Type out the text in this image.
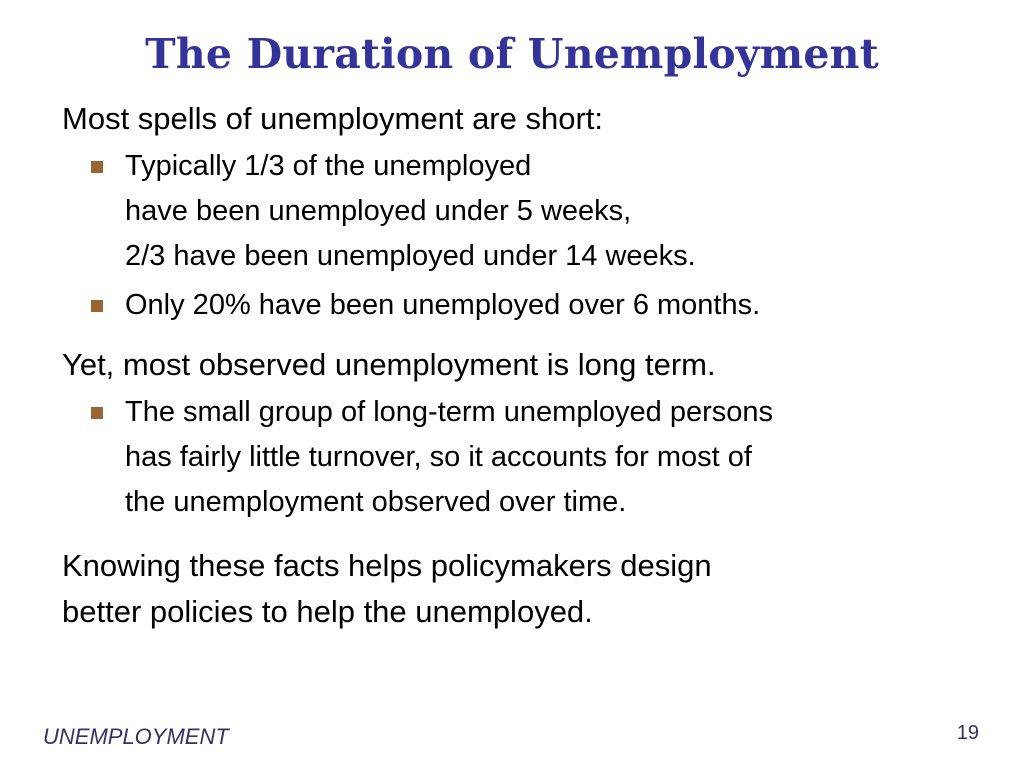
The Duration of Unemployment

Most spells of unemployment are short:

Typically 1/3 of the unemployed
have been unemployed under 5 weeks,
2/3 have been unemployed under 14 weeks.
Only 20% have been unemployed over 6 months.

Yet, most observed unemployment is long term.

The small group of long-term unemployed persons
has fairly little turnover, so it accounts for most of
the unemployment observed over time.

Knowing these facts helps policymakers design
better policies to help the unemployed.

UNEMPLOYMENT	19
